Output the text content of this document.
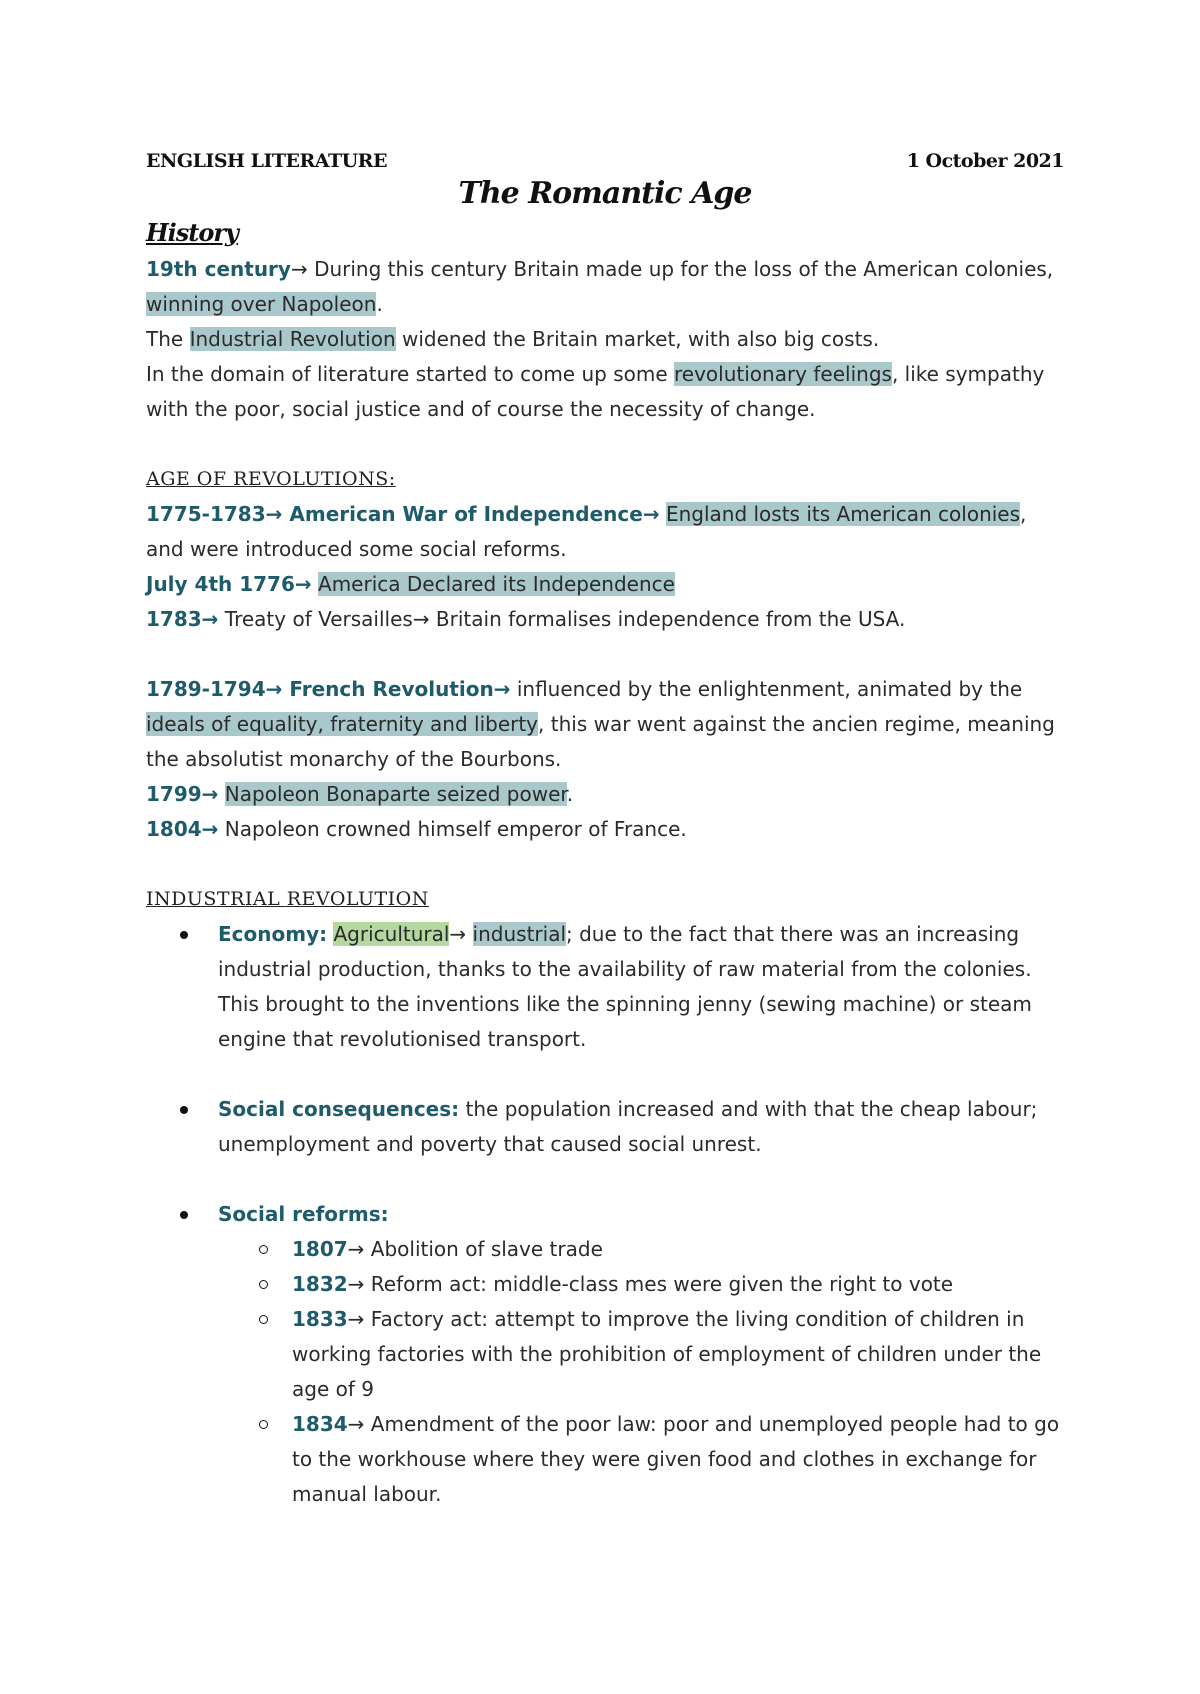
ENGLISH LITERATURE	1 October 2021
The Romantic Age
History

19th century→ During this century Britain made up for the loss of the American colonies, winning over Napoleon.

The Industrial Revolution widened the Britain market, with also big costs.

In the domain of literature started to come up some revolutionary feelings, like sympathy with the poor, social justice and of course the necessity of change.

AGE OF REVOLUTIONS:

1775-1783→ American War of Independence→ England losts its American colonies, and were introduced some social reforms.

July 4th 1776→ America Declared its Independence

1783→ Treaty of Versailles→ Britain formalises independence from the USA.

1789-1794→ French Revolution→ influenced by the enlightenment, animated by the ideals of equality, fraternity and liberty, this war went against the ancien regime, meaning the absolutist monarchy of the Bourbons.

1799→ Napoleon Bonaparte seized power.

1804→ Napoleon crowned himself emperor of France.

INDUSTRIAL REVOLUTION
Economy: Agricultural→ industrial; due to the fact that there was an increasing industrial production, thanks to the availability of raw material from the colonies. This brought to the inventions like the spinning jenny (sewing machine) or steam engine that revolutionised transport.
Social consequences: the population increased and with that the cheap labour; unemployment and poverty that caused social unrest.
Social reforms:
1807→ Abolition of slave trade
1832→ Reform act: middle-class mes were given the right to vote
1833→ Factory act: attempt to improve the living condition of children in working factories with the prohibition of employment of children under the age of 9
1834→ Amendment of the poor law: poor and unemployed people had to go to the workhouse where they were given food and clothes in exchange for manual labour.
